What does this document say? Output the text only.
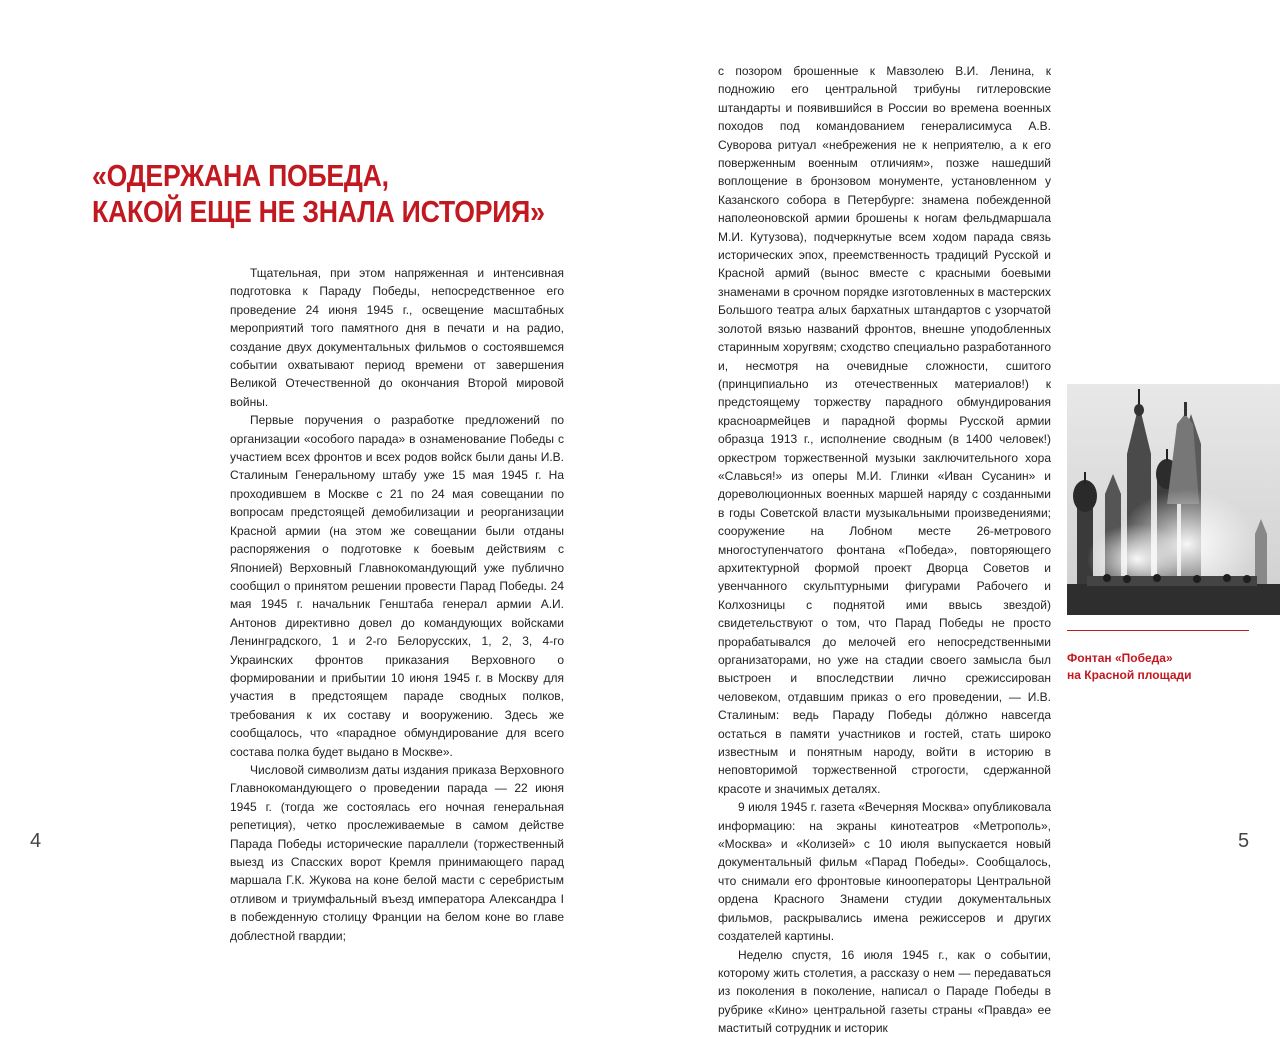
«ОДЕРЖАНА ПОБЕДА,
КАКОЙ ЕЩЕ НЕ ЗНАЛА ИСТОРИЯ»

Тщательная, при этом напряженная и интенсивная подготовка к Параду Победы, непосредственное его проведение 24 июня 1945 г., освещение масштабных мероприятий того памятного дня в печати и на радио, создание двух документальных фильмов о состоявшемся событии охватывают период времени от завершения Великой Отечественной до окончания Второй мировой войны.

Первые поручения о разработке предложений по организации «особого парада» в ознаменование Победы с участием всех фронтов и всех родов войск были даны И.В. Сталиным Генеральному штабу уже 15 мая 1945 г. На проходившем в Москве с 21 по 24 мая совещании по вопросам предстоящей демобилизации и реорганизации Красной армии (на этом же совещании были отданы распоряжения о подготовке к боевым действиям с Японией) Верховный Главнокомандующий уже публично сообщил о принятом решении провести Парад Победы. 24 мая 1945 г. начальник Генштаба генерал армии А.И. Антонов директивно довел до командующих войсками Ленинградского, 1 и 2-го Белорусских, 1, 2, 3, 4-го Украинских фронтов приказания Верховного о формировании и прибытии 10 июня 1945 г. в Москву для участия в предстоящем параде сводных полков, требования к их составу и вооружению. Здесь же сообщалось, что «парадное обмундирование для всего состава полка будет выдано в Москве».

Числовой символизм даты издания приказа Верховного Главнокомандующего о проведении парада — 22 июня 1945 г. (тогда же состоялась его ночная генеральная репетиция), четко прослеживаемые в самом действе Парада Победы исторические параллели (торжественный выезд из Спасских ворот Кремля принимающего парад маршала Г.К. Жукова на коне белой масти с серебристым отливом и триумфальный въезд императора Александра I в побежденную столицу Франции на белом коне во главе доблестной гвардии;

с позором брошенные к Мавзолею В.И. Ленина, к подножию его центральной трибуны гитлеровские штандарты и появившийся в России во времена военных походов под командованием генералисимуса А.В. Суворова ритуал «небрежения не к неприятелю, а к его поверженным военным отличиям», позже нашедший воплощение в бронзовом монументе, установленном у Казанского собора в Петербурге: знамена побежденной наполеоновской армии брошены к ногам фельдмаршала М.И. Кутузова), подчеркнутые всем ходом парада связь исторических эпох, преемственность традиций Русской и Красной армий (вынос вместе с красными боевыми знаменами в срочном порядке изготовленных в мастерских Большого театра алых бархатных штандартов с узорчатой золотой вязью названий фронтов, внешне уподобленных старинным хоругвям; сходство специально разработанного и, несмотря на очевидные сложности, сшитого (принципиально из отечественных материалов!) к предстоящему торжеству парадного обмундирования красноармейцев и парадной формы Русской армии образца 1913 г., исполнение сводным (в 1400 человек!) оркестром торжественной музыки заключительного хора «Славься!» из оперы М.И. Глинки «Иван Сусанин» и дореволюционных военных маршей наряду с созданными в годы Советской власти музыкальными произведениями; сооружение на Лобном месте 26-метрового многоступенчатого фонтана «Победа», повторяющего архитектурной формой проект Дворца Советов и увенчанного скульптурными фигурами Рабочего и Колхозницы с поднятой ими ввысь звездой) свидетельствуют о том, что Парад Победы не просто прорабатывался до мелочей его непосредственными организаторами, но уже на стадии своего замысла был выстроен и впоследствии лично срежиссирован человеком, отдавшим приказ о его проведении, — И.В. Сталиным: ведь Параду Победы дóлжно навсегда остаться в памяти участников и гостей, стать широко известным и понятным народу, войти в историю в неповторимой торжественной строгости, сдержанной красоте и значимых деталях.

9 июля 1945 г. газета «Вечерняя Москва» опубликовала информацию: на экраны кинотеатров «Метрополь», «Москва» и «Колизей» с 10 июля выпускается новый документальный фильм «Парад Победы». Сообщалось, что снимали его фронтовые кинооператоры Центральной ордена Красного Знамени студии документальных фильмов, раскрывались имена режиссеров и других создателей картины.

Неделю спустя, 16 июля 1945 г., как о событии, которому жить столетия, а рассказу о нем — передаваться из поколения в поколение, написал о Параде Победы в рубрике «Кино» центральной газеты страны «Правда» ее маститый сотрудник и историк

Фонтан «Победа»
на Красной площади
4	5
